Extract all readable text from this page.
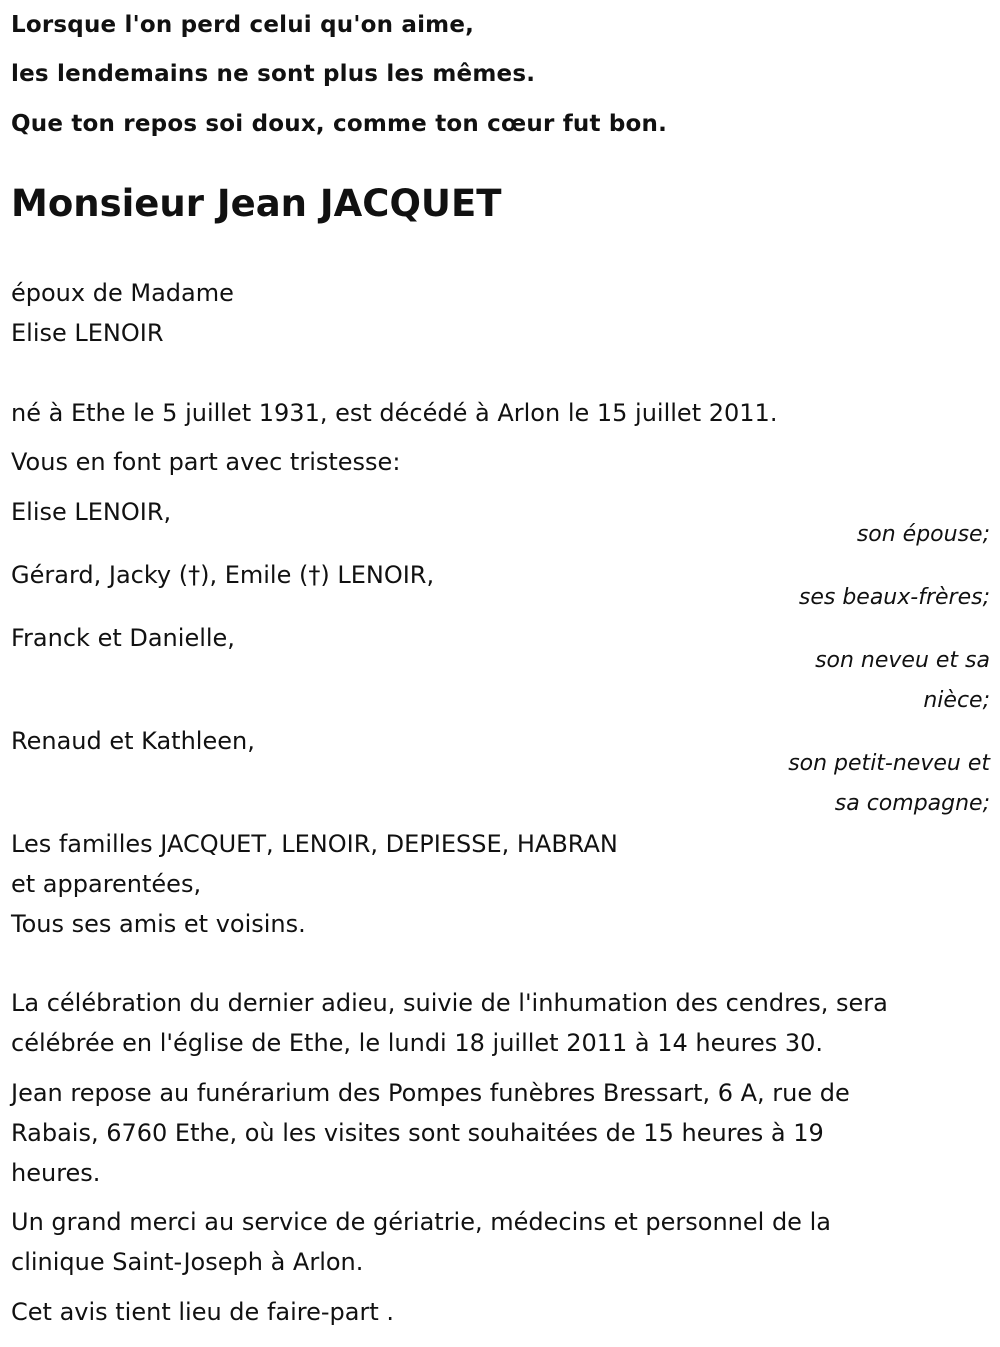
Lorsque l'on perd celui qu'on aime,
les lendemains ne sont plus les mêmes.
Que ton repos soi doux, comme ton cœur fut bon.
Monsieur Jean JACQUET
époux de Madame
Elise LENOIR
né à Ethe le 5 juillet 1931, est décédé à Arlon le 15 juillet 2011.
Vous en font part avec tristesse:
Elise LENOIR,
son épouse;
Gérard, Jacky (†), Emile (†) LENOIR,
ses beaux-frères;
Franck et Danielle,
son neveu et sa
nièce;
Renaud et Kathleen,
son petit-neveu et
sa compagne;
Les familles JACQUET, LENOIR, DEPIESSE, HABRAN
et apparentées,
Tous ses amis et voisins.
La célébration du dernier adieu, suivie de l'inhumation des cendres, sera
célébrée en l'église de Ethe, le lundi 18 juillet 2011 à 14 heures 30.
Jean repose au funérarium des Pompes funèbres Bressart, 6 A, rue de
Rabais, 6760 Ethe, où les visites sont souhaitées de 15 heures à 19
heures.
Un grand merci au service de gériatrie, médecins et personnel de la
clinique Saint-Joseph à Arlon.
Cet avis tient lieu de faire-part .
